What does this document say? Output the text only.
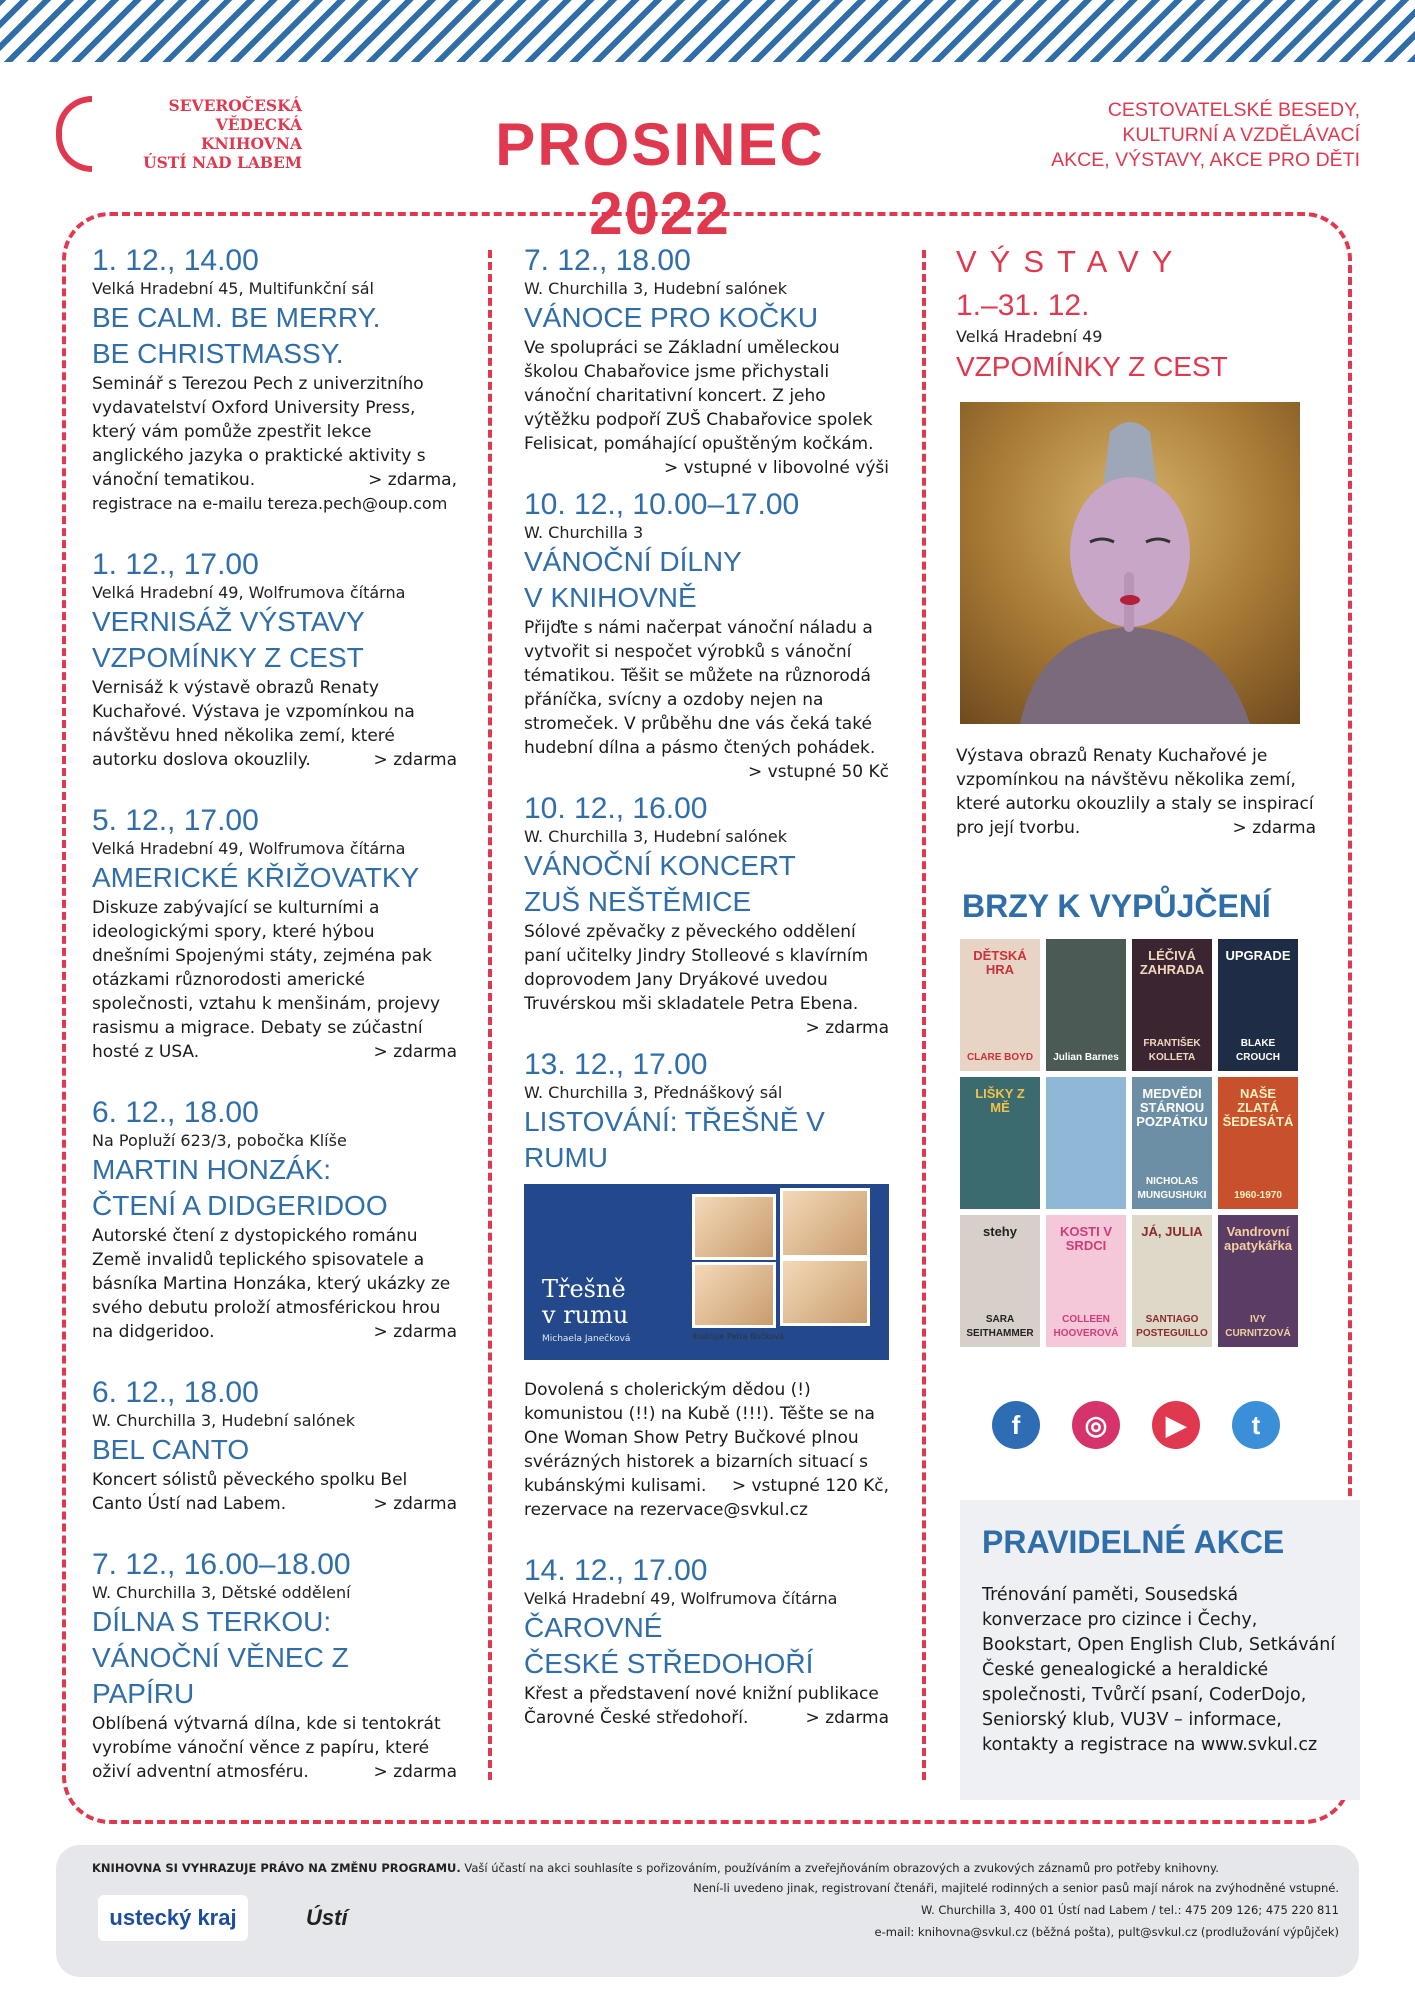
SEVEROČESKÁ
VĚDECKÁ
KNIHOVNA
ÚSTÍ NAD LABEM	PROSINEC 2022
CESTOVATELSKÉ BESEDY,
KULTURNÍ A VZDĚLÁVACÍ
AKCE, VÝSTAVY, AKCE PRO DĚTI
1. 12., 14.00
Velká Hradební 45, Multifunkční sál
BE CALM. BE MERRY.
BE CHRISTMASSY.
Seminář s Terezou Pech z univerzitního vydavatelství Oxford University Press, který vám pomůže zpestřit lekce anglického jazyka o praktické aktivity s vánoční tematikou.	> zdarma,
registrace na e-mailu tereza.pech@oup.com
1. 12., 17.00
Velká Hradební 49, Wolfrumova čítárna
VERNISÁŽ VÝSTAVY
VZPOMÍNKY Z CEST
Vernisáž k výstavě obrazů Renaty Kuchařové. Výstava je vzpomínkou na návštěvu hned několika zemí, které autorku doslova okouzlily.	> zdarma
5. 12., 17.00
Velká Hradební 49, Wolfrumova čítárna
AMERICKÉ KŘIŽOVATKY
Diskuze zabývající se kulturními a ideologickými spory, které hýbou dnešními Spojenými státy, zejména pak otázkami různorodosti americké společnosti, vztahu k menšinám, projevy rasismu a migrace. Debaty se zúčastní hosté z USA.	> zdarma
6. 12., 18.00
Na Popluží 623/3, pobočka Klíše
MARTIN HONZÁK:
ČTENÍ A DIDGERIDOO
Autorské čtení z dystopického románu Země invalidů teplického spisovatele a básníka Martina Honzáka, který ukázky ze svého debutu proloží atmosférickou hrou na didgeridoo.	> zdarma
6. 12., 18.00
W. Churchilla 3, Hudební salónek
BEL CANTO
Koncert sólistů pěveckého spolku Bel Canto Ústí nad Labem.	> zdarma
7. 12., 16.00–18.00
W. Churchilla 3, Dětské oddělení
DÍLNA S TERKOU:
VÁNOČNÍ VĚNEC Z PAPÍRU
Oblíbená výtvarná dílna, kde si tentokrát vyrobíme vánoční věnce z papíru, které oživí adventní atmosféru.	> zdarma
7. 12., 18.00
W. Churchilla 3, Hudební salónek
VÁNOCE PRO KOČKU
Ve spolupráci se Základní uměleckou školou Chabařovice jsme přichystali vánoční charitativní koncert. Z jeho výtěžku podpoří ZUŠ Chabařovice spolek Felisicat, pomáhající opuštěným kočkám.
> vstupné v libovolné výši
10. 12., 10.00–17.00
W. Churchilla 3
VÁNOČNÍ DÍLNY
V KNIHOVNĚ
Přijďte s námi načerpat vánoční náladu a vytvořit si nespočet výrobků s vánoční tématikou. Těšit se můžete na různorodá přáníčka, svícny a ozdoby nejen na stromeček. V průběhu dne vás čeká také hudební dílna a pásmo čtených pohádek.
> vstupné 50 Kč
10. 12., 16.00
W. Churchilla 3, Hudební salónek
VÁNOČNÍ KONCERT
ZUŠ NEŠTĚMICE
Sólové zpěvačky z pěveckého oddělení paní učitelky Jindry Stolleové s klavírním doprovodem Jany Dryákové uvedou Truvérskou mši skladatele Petra Ebena.
> zdarma
13. 12., 17.00
W. Churchilla 3, Přednáškový sál
LISTOVÁNÍ: TŘEŠNĚ V RUMU
Třešně
v rumu
Michaela Janečková	ilustruje Petra Bučková
Dovolená s cholerickým dědou (!) komunistou (!!) na Kubě (!!!). Těšte se na One Woman Show Petry Bučkové plnou svérázných historek a bizarních situací s kubánskými kulisami. > vstupné 120 Kč,
rezervace na rezervace@svkul.cz
14. 12., 17.00
Velká Hradební 49, Wolfrumova čítárna
ČAROVNÉ
ČESKÉ STŘEDOHOŘÍ
Křest a představení nové knižní publikace Čarovné České středohoří.	> zdarma
VÝSTAVY
1.–31. 12.
Velká Hradební 49
VZPOMÍNKY Z CEST
Výstava obrazů Renaty Kuchařové je vzpomínkou na návštěvu několika zemí, které autorku okouzlily a staly se inspirací pro její tvorbu.	> zdarma
BRZY K VYPŮJČENÍ
DĚTSKÁ HRA
CLARE BOYD	Julian Barnes
LÉČIVÁ ZAHRADA
FRANTIŠEK KOLLETA
UPGRADE
BLAKE CROUCH
LIŠKY Z MĚ
MEDVĚDI STÁRNOU POZPÁTKU
NICHOLAS MUNGUSHUKI
NAŠE ZLATÁ ŠEDESÁTÁ
1960-1970
stehy
SARA SEITHAMMER
KOSTI V SRDCI
COLLEEN HOOVEROVÁ
JÁ, JULIA
SANTIAGO POSTEGUILLO
Vandrovní apatykářka
IVY CURNITZOVÁ
f	◎	▶	t
PRAVIDELNÉ AKCE
Trénování paměti, Sousedská konverzace pro cizince i Čechy, Bookstart, Open English Club, Setkávání České genealogické a heraldické společnosti, Tvůrčí psaní, CoderDojo, Seniorský klub, VU3V – informace, kontakty a registrace na www.svkul.cz
KNIHOVNA SI VYHRAZUJE PRÁVO NA ZMĚNU PROGRAMU. Vaší účastí na akci souhlasíte s pořizováním, používáním a zveřejňováním obrazových a zvukových záznamů pro potřeby knihovny.
Není-li uvedeno jinak, registrovaní čtenáři, majitelé rodinných a senior pasů mají nárok na zvýhodněné vstupné.
W. Churchilla 3, 400 01 Ústí nad Labem / tel.: 475 209 126; 475 220 811
e-mail: knihovna@svkul.cz (běžná pošta), pult@svkul.cz (prodlužování výpůjček)
ustecký kraj	Ústí
